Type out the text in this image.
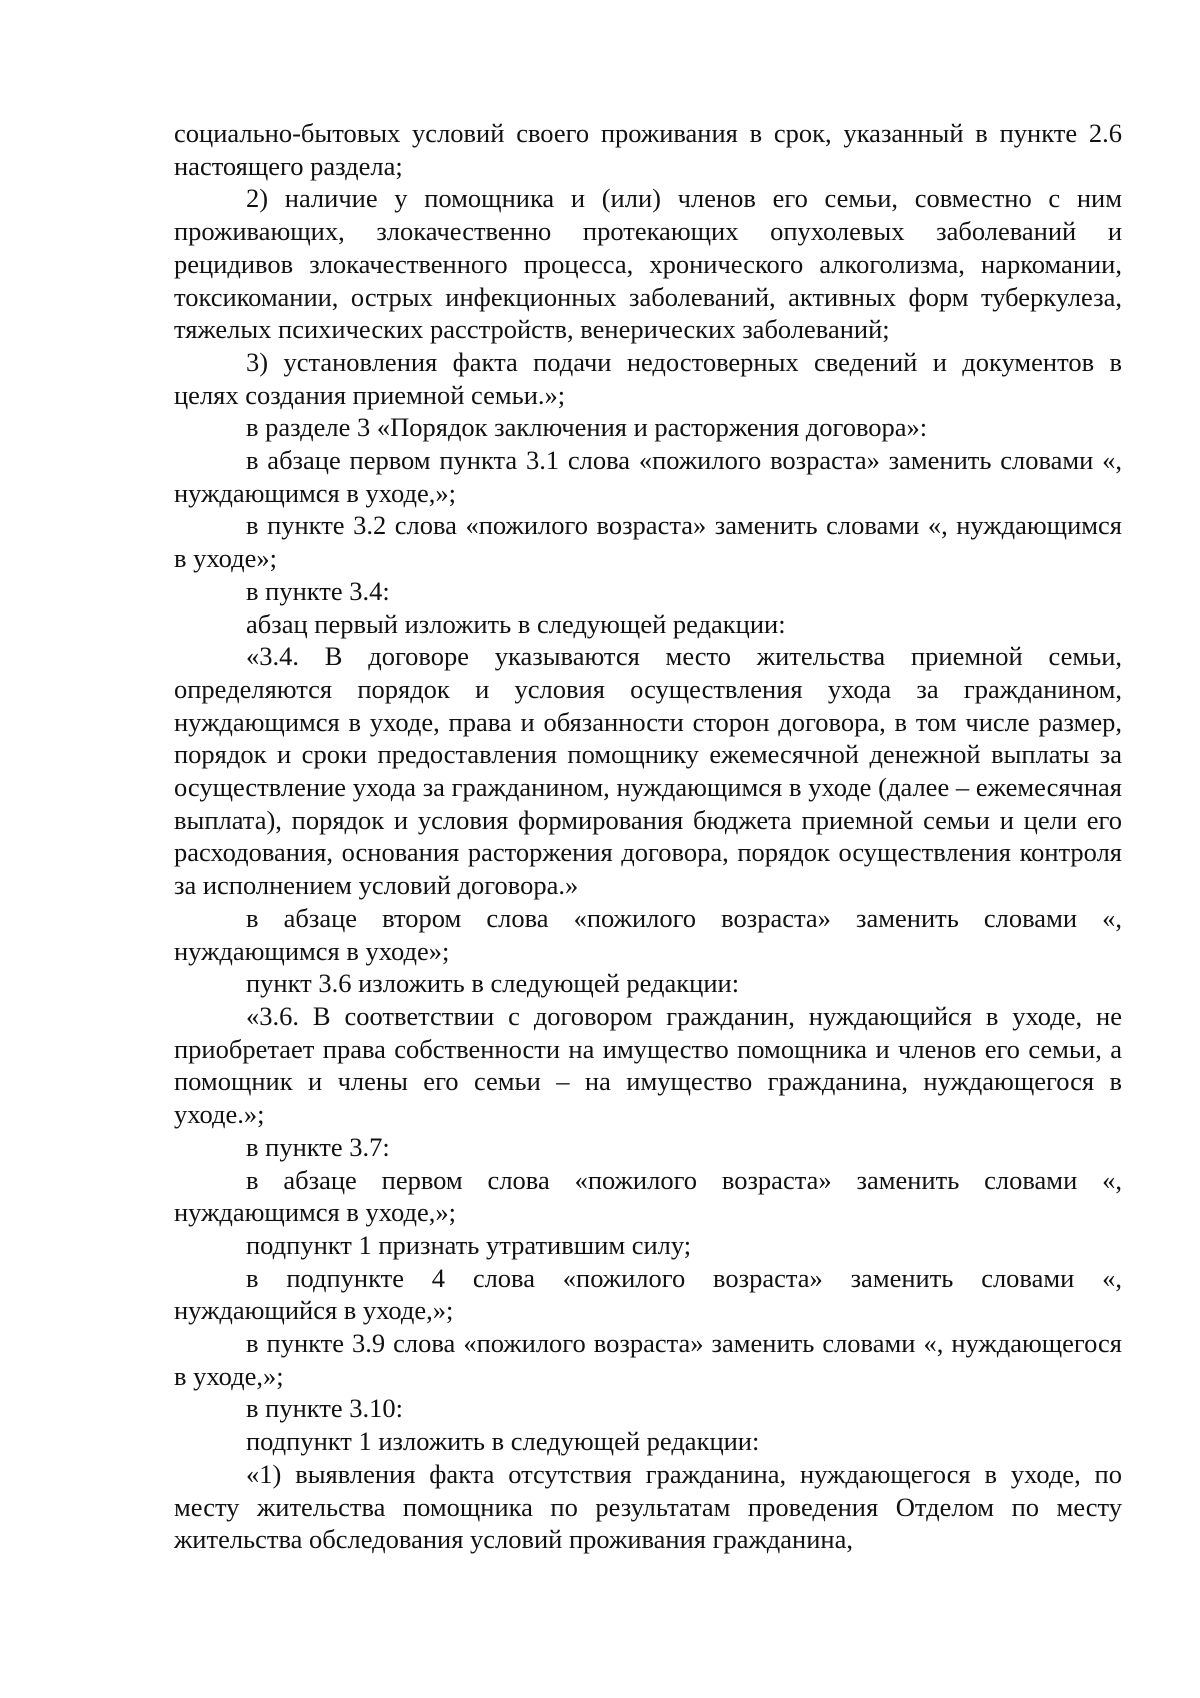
социально-бытовых условий своего проживания в срок, указанный в пункте 2.6 настоящего раздела;

2) наличие у помощника и (или) членов его семьи, совместно с ним проживающих, злокачественно протекающих опухолевых заболеваний и рецидивов злокачественного процесса, хронического алкоголизма, наркомании, токсикомании, острых инфекционных заболеваний, активных форм туберкулеза, тяжелых психических расстройств, венерических заболеваний;

3) установления факта подачи недостоверных сведений и документов в целях создания приемной семьи.»;

в разделе 3 «Порядок заключения и расторжения договора»:

в абзаце первом пункта 3.1 слова «пожилого возраста» заменить словами «, нуждающимся в уходе,»;

в пункте 3.2 слова «пожилого возраста» заменить словами «, нуждающимся в уходе»;

в пункте 3.4:

абзац первый изложить в следующей редакции:

«3.4. В договоре указываются место жительства приемной семьи, определяются порядок и условия осуществления ухода за гражданином, нуждающимся в уходе, права и обязанности сторон договора, в том числе размер, порядок и сроки предоставления помощнику ежемесячной денежной выплаты за осуществление ухода за гражданином, нуждающимся в уходе (далее – ежемесячная выплата), порядок и условия формирования бюджета приемной семьи и цели его расходования, основания расторжения договора, порядок осуществления контроля за исполнением условий договора.»

в абзаце втором слова «пожилого возраста» заменить словами «, нуждающимся в уходе»;

пункт 3.6 изложить в следующей редакции:

«3.6. В соответствии с договором гражданин, нуждающийся в уходе, не приобретает права собственности на имущество помощника и членов его семьи, а помощник и члены его семьи – на имущество гражданина, нуждающегося в уходе.»;

в пункте 3.7:

в абзаце первом слова «пожилого возраста» заменить словами «, нуждающимся в уходе,»;

подпункт 1 признать утратившим силу;

в подпункте 4 слова «пожилого возраста» заменить словами «, нуждающийся в уходе,»;

в пункте 3.9 слова «пожилого возраста» заменить словами «, нуждающегося в уходе,»;

в пункте 3.10:

подпункт 1 изложить в следующей редакции:

«1) выявления факта отсутствия гражданина, нуждающегося в уходе, по месту жительства помощника по результатам проведения Отделом по месту жительства обследования условий проживания гражданина,
